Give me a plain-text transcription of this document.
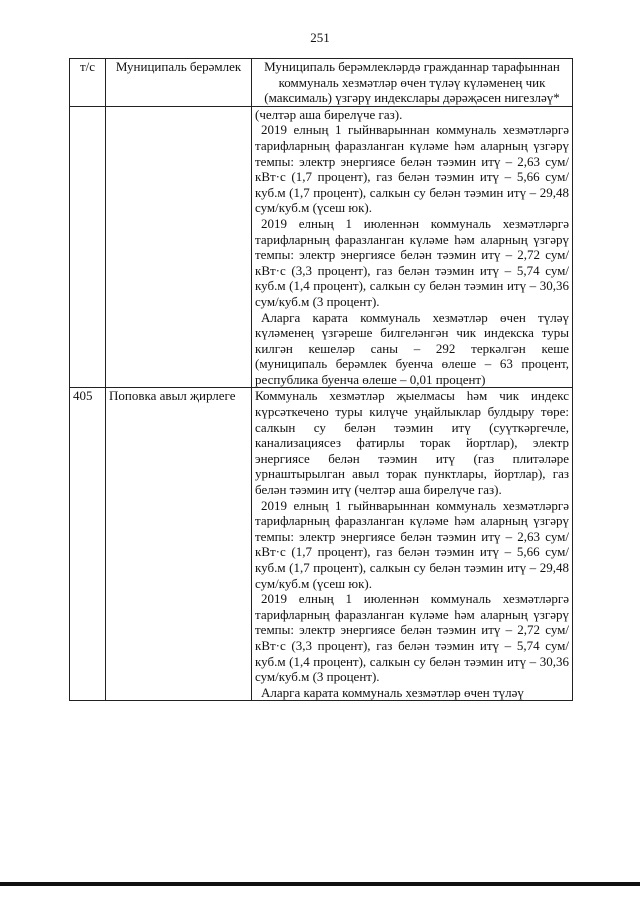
251
т/с	Муниципаль берәмлек	Муниципаль берәмлекләрдә гражданнар тарафыннан коммуналь хезмәтләр өчен түләү күләменең чик (максималь) үзгәрү индекслары дәрәҗәсен нигезләү*

		(челтәр аша бирелүче газ).
2019 елның 1 гыйнварыннан коммуналь хезмәтләргә тарифларның фаразланган күләме һәм аларның үзгәрү темпы: электр энергиясе белән тәэмин итү – 2,63 сум/кВт·с (1,7 процент), газ белән тәэмин итү – 5,66 сум/куб.м (1,7 процент), салкын су белән тәэмин итү – 29,48 сум/куб.м (үсеш юк).
2019 елның 1 июленнән коммуналь хезмәтләргә тарифларның фаразланган күләме һәм аларның үзгәрү темпы: электр энергиясе белән тәэмин итү – 2,72 сум/кВт·с (3,3 процент), газ белән тәэмин итү – 5,74 сум/куб.м (1,4 процент), салкын су белән тәэмин итү – 30,36 сум/куб.м (3 процент).
Аларга карата коммуналь хезмәтләр өчен түләү күләменең үзгәреше билгеләнгән чик индекска туры килгән кешеләр саны – 292 теркәлгән кеше (муниципаль берәмлек буенча өлеше – 63 процент, республика буенча өлеше – 0,01 процент)

405	Поповка авыл җирлеге	Коммуналь хезмәтләр җыелмасы һәм чик индекс күрсәткечено туры килүче уңайлыклар булдыру төре: салкын су белән тәэмин итү (суүткәргечле, канализациясез фатирлы торак йортлар), электр энергиясе белән тәэмин итү (газ плитәләре урнаштырылган авыл торак пунктлары, йортлар), газ белән тәэмин итү (челтәр аша бирелүче газ).
2019 елның 1 гыйнварыннан коммуналь хезмәтләргә тарифларның фаразланган күләме һәм аларның үзгәрү темпы: электр энергиясе белән тәэмин итү – 2,63 сум/кВт·с (1,7 процент), газ белән тәэмин итү – 5,66 сум/куб.м (1,7 процент), салкын су белән тәэмин итү – 29,48 сум/куб.м (үсеш юк).
2019 елның 1 июленнән коммуналь хезмәтләргә тарифларның фаразланган күләме һәм аларның үзгәрү темпы: электр энергиясе белән тәэмин итү – 2,72 сум/кВт·с (3,3 процент), газ белән тәэмин итү – 5,74 сум/куб.м (1,4 процент), салкын су белән тәэмин итү – 30,36 сум/куб.м (3 процент).
Аларга карата коммуналь хезмәтләр өчен түләү
